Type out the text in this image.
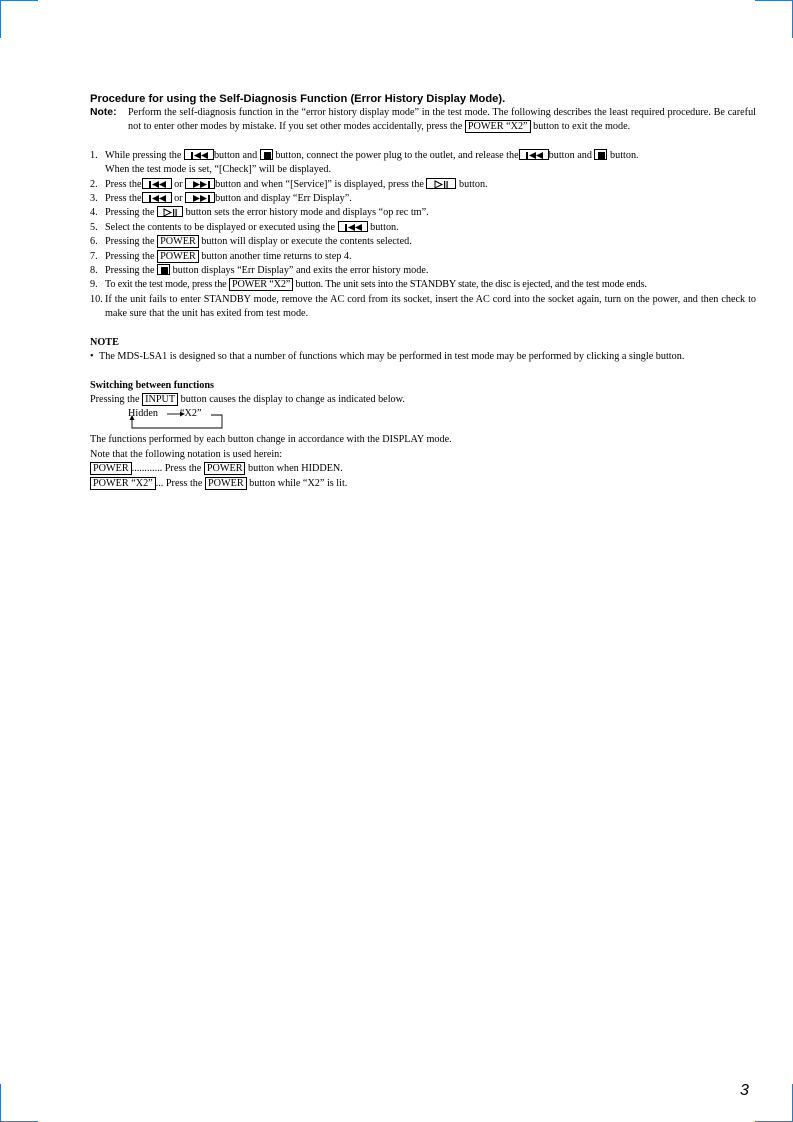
Procedure for using the Self-Diagnosis Function (Error History Display Mode).
Note:	Perform the self-diagnosis function in the “error history display mode” in the test mode. The following describes the least required procedure. Be careful not to enter other modes by mistake. If you set other modes accidentally, press the POWER “X2” button to exit the mode.
1. While pressing the	button and button, connect the power plug to the outlet, and release the	button and button.
When the test mode is set, “[Check]” will be displayed.
2. Press the	or	button and when “[Service]” is displayed, press the	button.
3. Press the	or	button and display “Err Display”.
4. Pressing the	button sets the error history mode and displays “op rec tm”.
5. Select the contents to be displayed or executed using the	button.
6. Pressing the POWER button will display or execute the contents selected.
7. Pressing the POWER button another time returns to step 4.
8. Pressing the button displays “Err Display” and exits the error history mode.
9. To exit the test mode, press the POWER “X2” button. The unit sets into the STANDBY state, the disc is ejected, and the test mode ends.
10. If the unit fails to enter STANDBY mode, remove the AC cord from its socket, insert the AC cord into the socket again, turn on the power, and then check to make sure that the unit has exited from test mode.
NOTE
• The MDS-LSA1 is designed so that a number of functions which may be performed in test mode may be performed by clicking a single button.
Switching between functions
Pressing the INPUT button causes the display to change as indicated below.
Hidden “X2”
The functions performed by each button change in accordance with the DISPLAY mode.
Note that the following notation is used herein:
POWER ............ Press the POWER button when HIDDEN.
POWER “X2” ... Press the POWER button while “X2” is lit.
3
